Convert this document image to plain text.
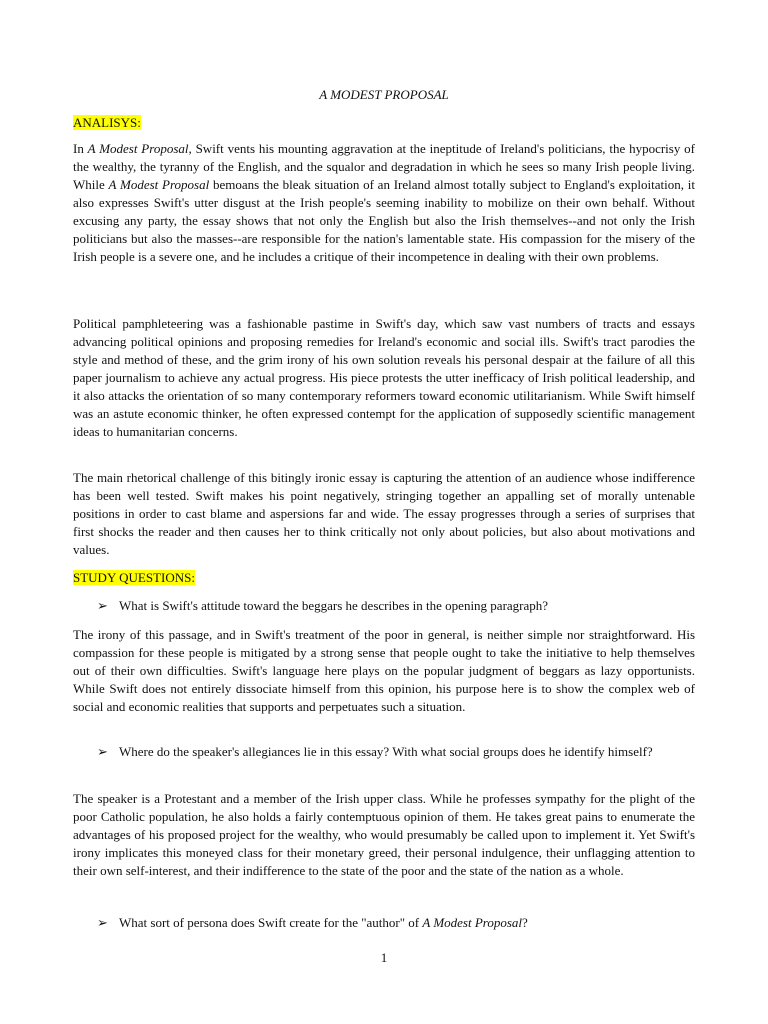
A MODEST PROPOSAL
ANALISYS:
In A Modest Proposal, Swift vents his mounting aggravation at the ineptitude of Ireland's politicians, the hypocrisy of the wealthy, the tyranny of the English, and the squalor and degradation in which he sees so many Irish people living. While A Modest Proposal bemoans the bleak situation of an Ireland almost totally subject to England's exploitation, it also expresses Swift's utter disgust at the Irish people's seeming inability to mobilize on their own behalf. Without excusing any party, the essay shows that not only the English but also the Irish themselves--and not only the Irish politicians but also the masses--are responsible for the nation's lamentable state. His compassion for the misery of the Irish people is a severe one, and he includes a critique of their incompetence in dealing with their own problems.
Political pamphleteering was a fashionable pastime in Swift's day, which saw vast numbers of tracts and essays advancing political opinions and proposing remedies for Ireland's economic and social ills. Swift's tract parodies the style and method of these, and the grim irony of his own solution reveals his personal despair at the failure of all this paper journalism to achieve any actual progress. His piece protests the utter inefficacy of Irish political leadership, and it also attacks the orientation of so many contemporary reformers toward economic utilitarianism. While Swift himself was an astute economic thinker, he often expressed contempt for the application of supposedly scientific management ideas to humanitarian concerns.
The main rhetorical challenge of this bitingly ironic essay is capturing the attention of an audience whose indifference has been well tested. Swift makes his point negatively, stringing together an appalling set of morally untenable positions in order to cast blame and aspersions far and wide. The essay progresses through a series of surprises that first shocks the reader and then causes her to think critically not only about policies, but also about motivations and values.
STUDY QUESTIONS:
➢ What is Swift's attitude toward the beggars he describes in the opening paragraph?
The irony of this passage, and in Swift's treatment of the poor in general, is neither simple nor straightforward. His compassion for these people is mitigated by a strong sense that people ought to take the initiative to help themselves out of their own difficulties. Swift's language here plays on the popular judgment of beggars as lazy opportunists. While Swift does not entirely dissociate himself from this opinion, his purpose here is to show the complex web of social and economic realities that supports and perpetuates such a situation.
➢ Where do the speaker's allegiances lie in this essay? With what social groups does he identify himself?
The speaker is a Protestant and a member of the Irish upper class. While he professes sympathy for the plight of the poor Catholic population, he also holds a fairly contemptuous opinion of them. He takes great pains to enumerate the advantages of his proposed project for the wealthy, who would presumably be called upon to implement it. Yet Swift's irony implicates this moneyed class for their monetary greed, their personal indulgence, their unflagging attention to their own self-interest, and their indifference to the state of the poor and the state of the nation as a whole.
➢ What sort of persona does Swift create for the "author" of A Modest Proposal?
1
